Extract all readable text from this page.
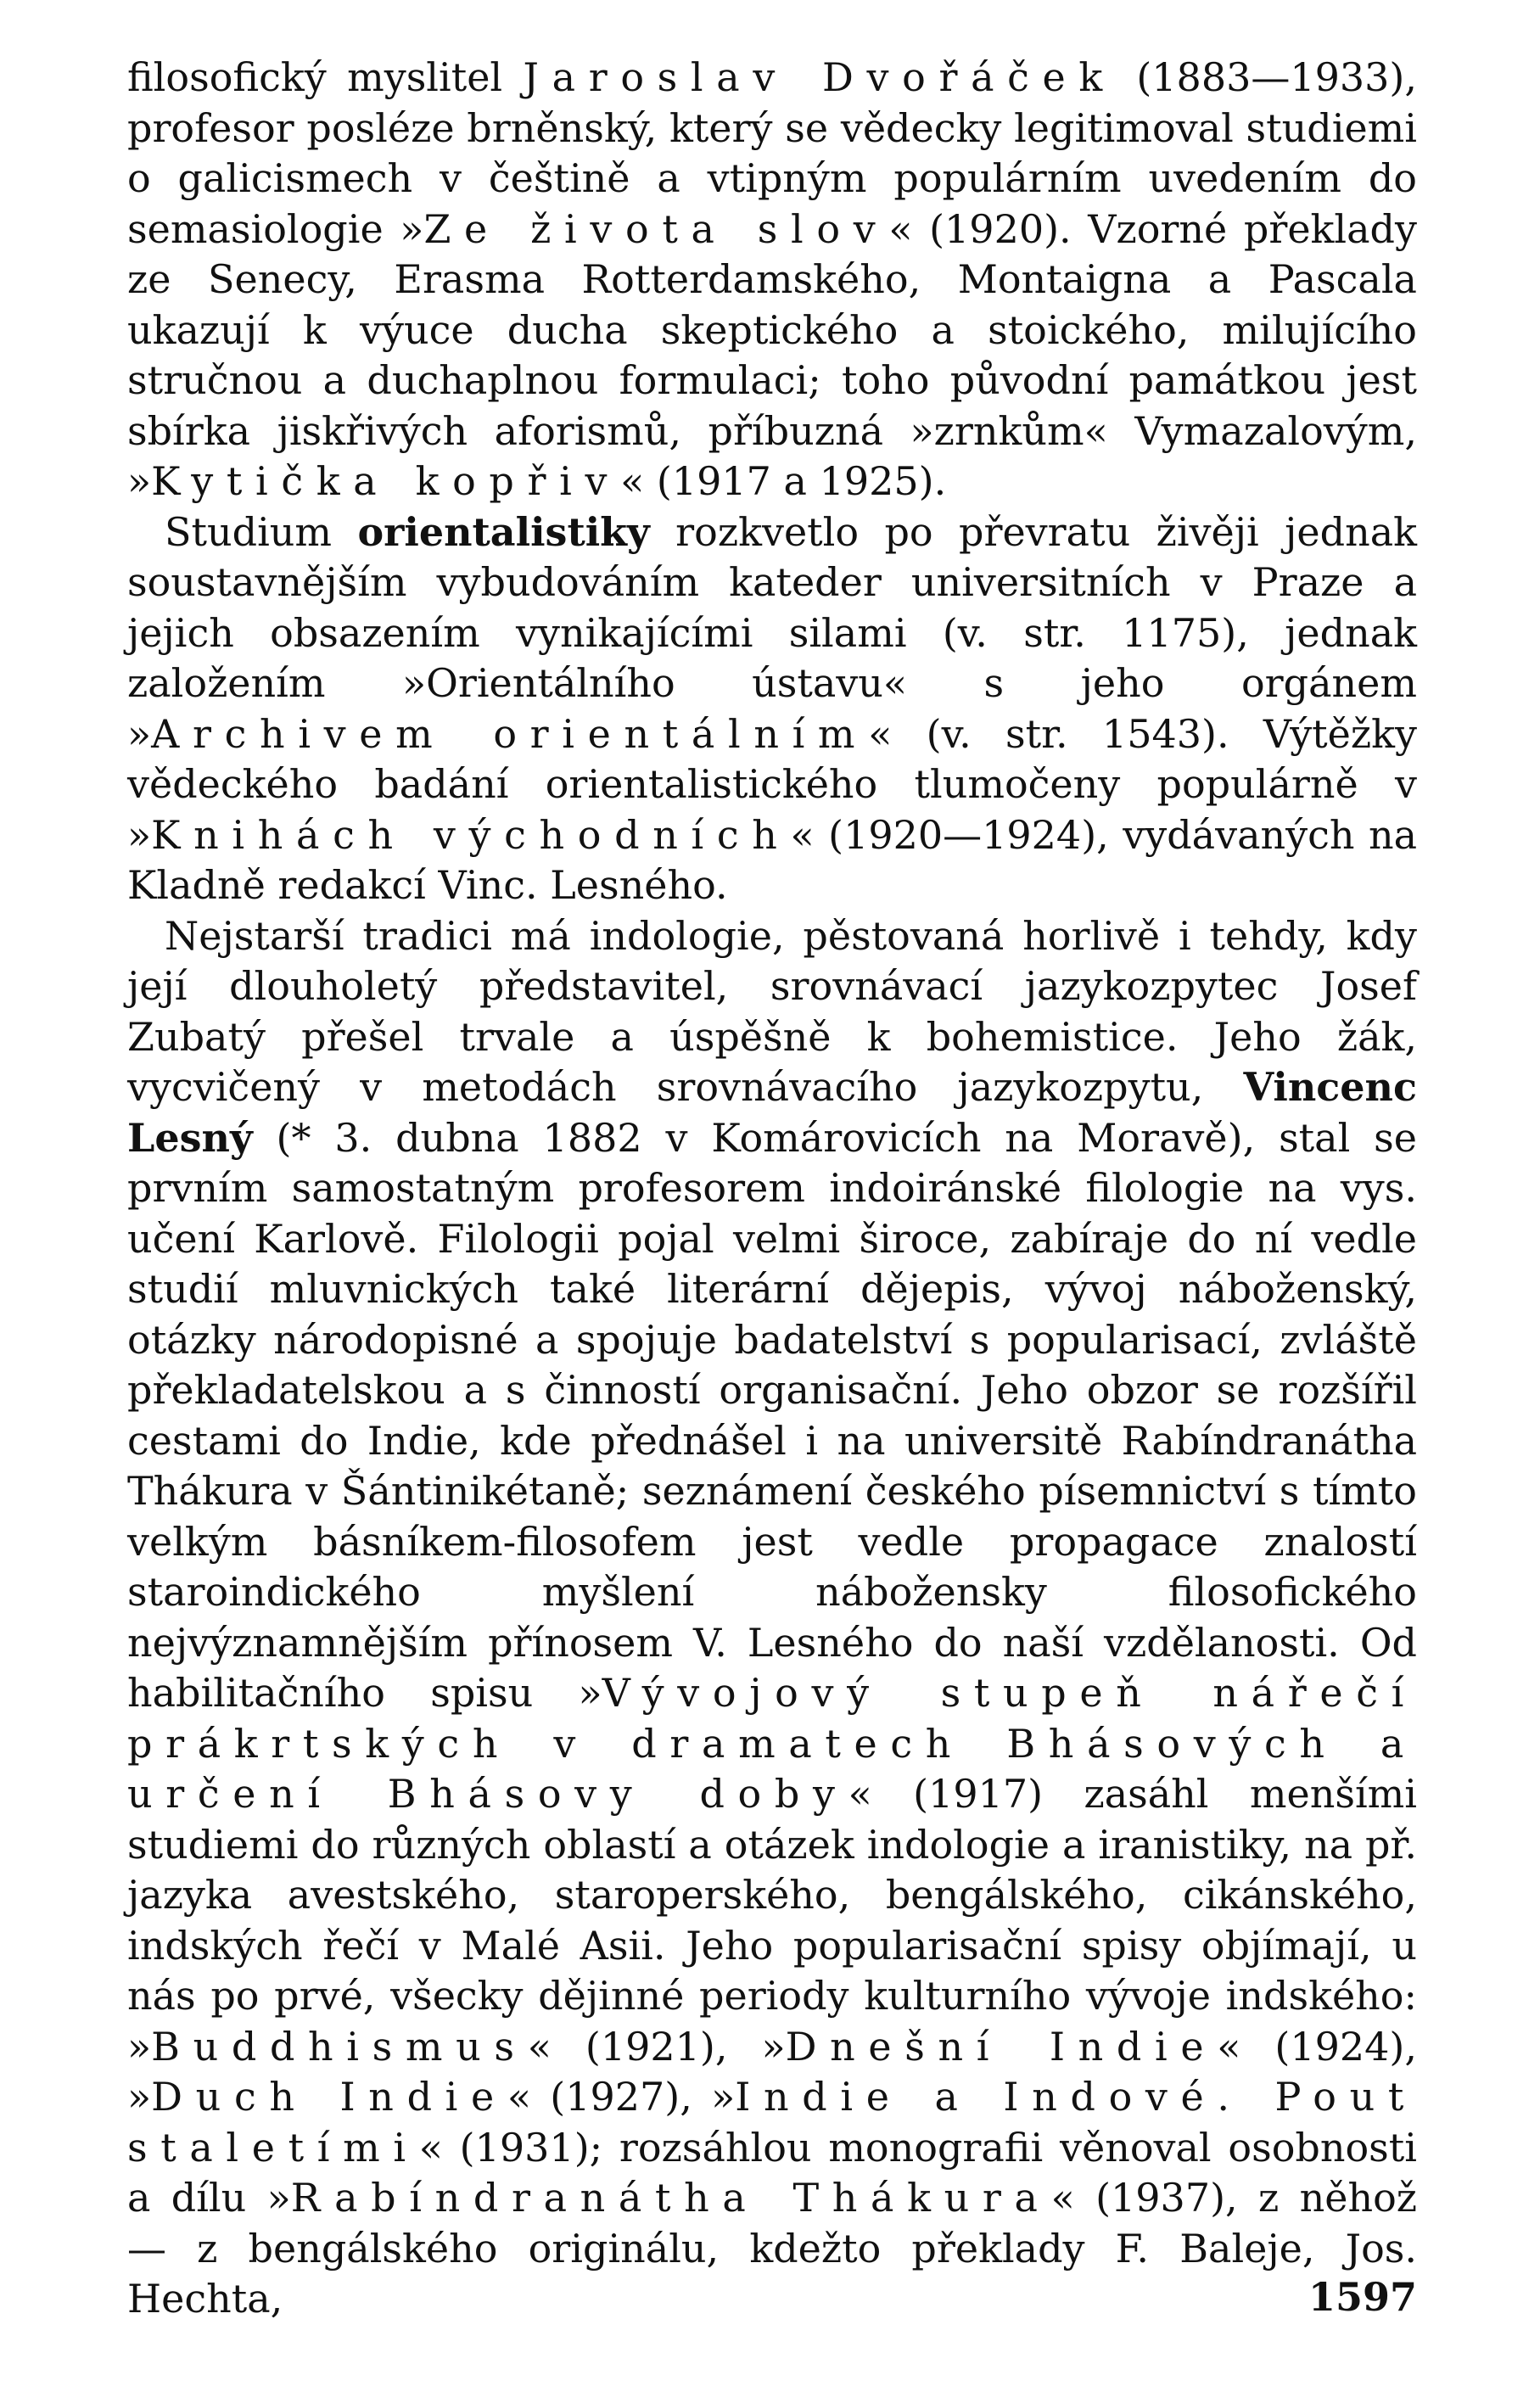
filosofický myslitel Jaroslav Dvořáček (1883—1933), profesor posléze brněnský, který se vědecky legitimoval studiemi o galicismech v češtině a vtipným populárním uvedením do semasiologie »Ze života slov« (1920). Vzorné překlady ze Senecy, Erasma Rotterdamského, Montaigna a Pascala ukazují k výuce ducha skeptického a stoického, milujícího stručnou a duchaplnou formulaci; toho původní památkou jest sbírka jiskřivých aforismů, příbuzná »zrnkům« Vymazalovým, »Kytička kopřiv« (1917 a 1925).

Studium orientalistiky rozkvetlo po převratu živěji jednak soustavnějším vybudováním kateder universitních v Praze a jejich obsazením vynikajícími silami (v. str. 1175), jednak založením »Orientálního ústavu« s jeho orgánem »Archivem orientálním« (v. str. 1543). Výtěžky vědeckého badání orientalistického tlumočeny populárně v »Knihách východních« (1920—1924), vydávaných na Kladně redakcí Vinc. Lesného.

Nejstarší tradici má indologie, pěstovaná horlivě i tehdy, kdy její dlouholetý představitel, srovnávací jazykozpytec Josef Zubatý přešel trvale a úspěšně k bohemistice. Jeho žák, vycvičený v metodách srovnávacího jazykozpytu, Vincenc Lesný (* 3. dubna 1882 v Komárovicích na Moravě), stal se prvním samostatným profesorem indoiránské filologie na vys. učení Karlově. Filologii pojal velmi široce, zabíraje do ní vedle studií mluvnických také literární dějepis, vývoj náboženský, otázky národopisné a spojuje badatelství s popularisací, zvláště překladatelskou a s činností organisační. Jeho obzor se rozšířil cestami do Indie, kde přednášel i na universitě Rabíndranátha Thákura v Šántinikétaně; seznámení českého písemnictví s tímto velkým básníkem-filosofem jest vedle propagace znalostí staroindického myšlení nábožensky filosofického nejvýznamnějším přínosem V. Lesného do naší vzdělanosti. Od habilitačního spisu »Vývojový stupeň nářečí prákrtských v dramatech Bhásových a určení Bhásovy doby« (1917) zasáhl menšími studiemi do různých oblastí a otázek indologie a iranistiky, na př. jazyka avestského, staroperského, bengálského, cikánského, indských řečí v Malé Asii. Jeho popularisační spisy objímají, u nás po prvé, všecky dějinné periody kulturního vývoje indského: »Buddhismus« (1921), »Dnešní Indie« (1924), »Duch Indie« (1927), »Indie a Indové. Pout staletími« (1931); rozsáhlou monografii věnoval osobnosti a dílu »Rabíndranátha Thákura« (1937), z něhož — z bengálského originálu, kdežto překlady F. Baleje, Jos. Hechta,	1597
